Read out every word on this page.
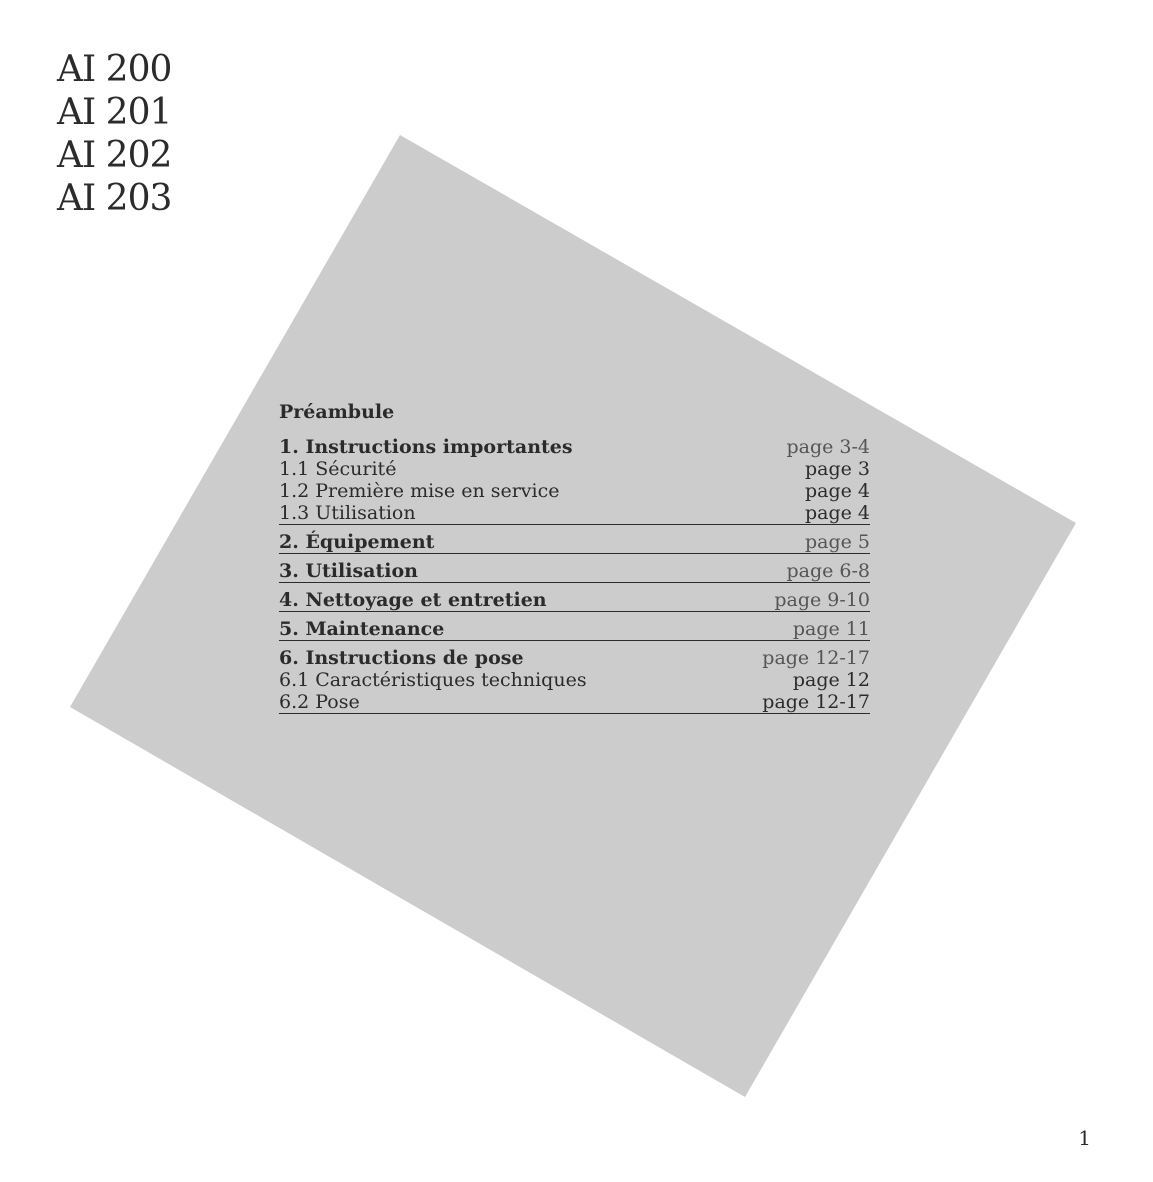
AI 200
AI 201
AI 202
AI 203
Préambule
1. Instructions importantes	page 3-4
1.1 Sécurité	page 3
1.2 Première mise en service	page 4
1.3 Utilisation	page 4
2. Équipement	page 5
3. Utilisation	page 6-8
4. Nettoyage et entretien	page 9-10
5. Maintenance	page 11
6. Instructions de pose	page 12-17
6.1 Caractéristiques techniques	page 12
6.2 Pose	page 12-17
1
